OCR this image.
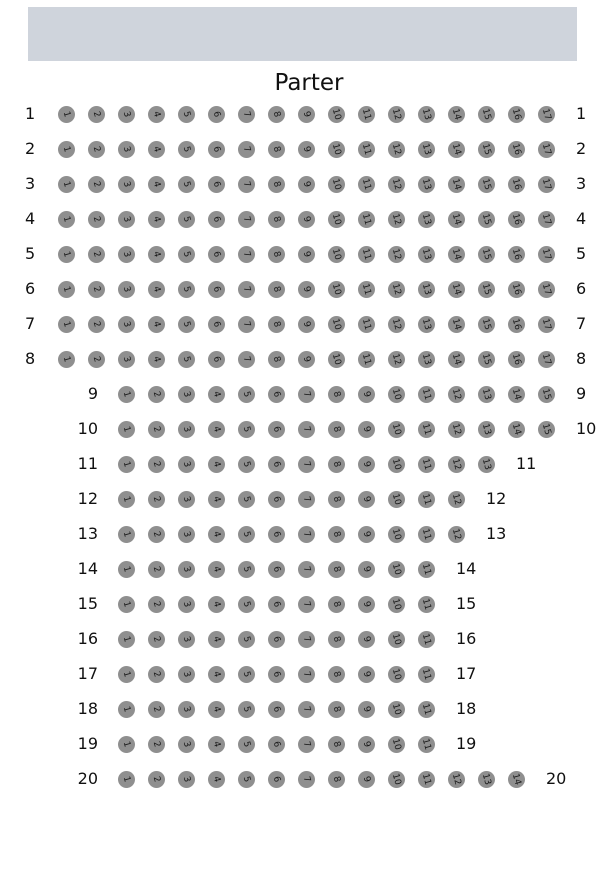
Parter
1	1 2 3 4 5 6 7 8 9 10 11 12 13 14 15 16 17 1
2	1 2 3 4 5 6 7 8 9 10 11 12 13 14 15 16 17 2
3	1 2 3 4 5 6 7 8 9 10 11 12 13 14 15 16 17 3
4	1 2 3 4 5 6 7 8 9 10 11 12 13 14 15 16 17 4
5	1 2 3 4 5 6 7 8 9 10 11 12 13 14 15 16 17 5
6	1 2 3 4 5 6 7 8 9 10 11 12 13 14 15 16 17 6
7	1 2 3 4 5 6 7 8 9 10 11 12 13 14 15 16 17 7
8	1 2 3 4 5 6 7 8 9 10 11 12 13 14 15 16 17 8
9	1 2 3 4 5 6 7 8 9 10 11 12 13 14 15 9
10	1 2 3 4 5 6 7 8 9 10 11 12 13 14 15 10
11	1 2 3 4 5 6 7 8 9 10 11 12 13 11
12	1 2 3 4 5 6 7 8 9 10 11 12 12
13	1 2 3 4 5 6 7 8 9 10 11 12 13
14	1 2 3 4 5 6 7 8 9 10 11 14
15	1 2 3 4 5 6 7 8 9 10 11 15
16	1 2 3 4 5 6 7 8 9 10 11 16
17	1 2 3 4 5 6 7 8 9 10 11 17
18	1 2 3 4 5 6 7 8 9 10 11 18
19	1 2 3 4 5 6 7 8 9 10 11 19
20	1 2 3 4 5 6 7 8 9 10 11 12 13 14 20
